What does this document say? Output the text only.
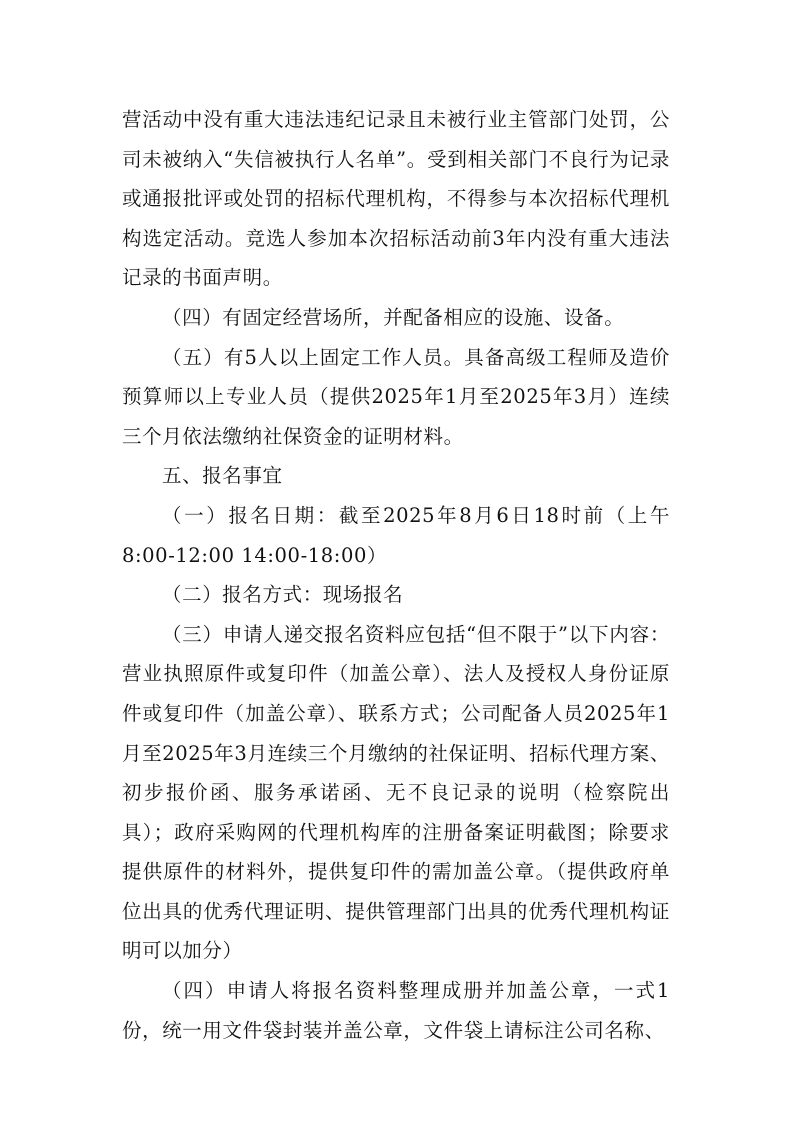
营活动中没有重大违法违纪记录且未被行业主管部门处罚，公司未被纳入“失信被执行人名单”。受到相关部门不良行为记录或通报批评或处罚的招标代理机构，不得参与本次招标代理机构选定活动。竞选人参加本次招标活动前3年内没有重大违法记录的书面声明。

（四）有固定经营场所，并配备相应的设施、设备。

（五）有5人以上固定工作人员。具备高级工程师及造价预算师以上专业人员（提供2025年1月至2025年3月）连续三个月依法缴纳社保资金的证明材料。

五、报名事宜

（一）报名日期：截至2025年8月6日18时前（上午8:00-12:00 14:00-18:00）

（二）报名方式：现场报名

（三）申请人递交报名资料应包括“但不限于”以下内容：营业执照原件或复印件（加盖公章）、法人及授权人身份证原件或复印件（加盖公章）、联系方式；公司配备人员2025年1月至2025年3月连续三个月缴纳的社保证明、招标代理方案、初步报价函、服务承诺函、无不良记录的说明（检察院出具）；政府采购网的代理机构库的注册备案证明截图；除要求提供原件的材料外，提供复印件的需加盖公章。（提供政府单位出具的优秀代理证明、提供管理部门出具的优秀代理机构证明可以加分）

（四）申请人将报名资料整理成册并加盖公章，一式1份，统一用文件袋封装并盖公章，文件袋上请标注公司名称、
